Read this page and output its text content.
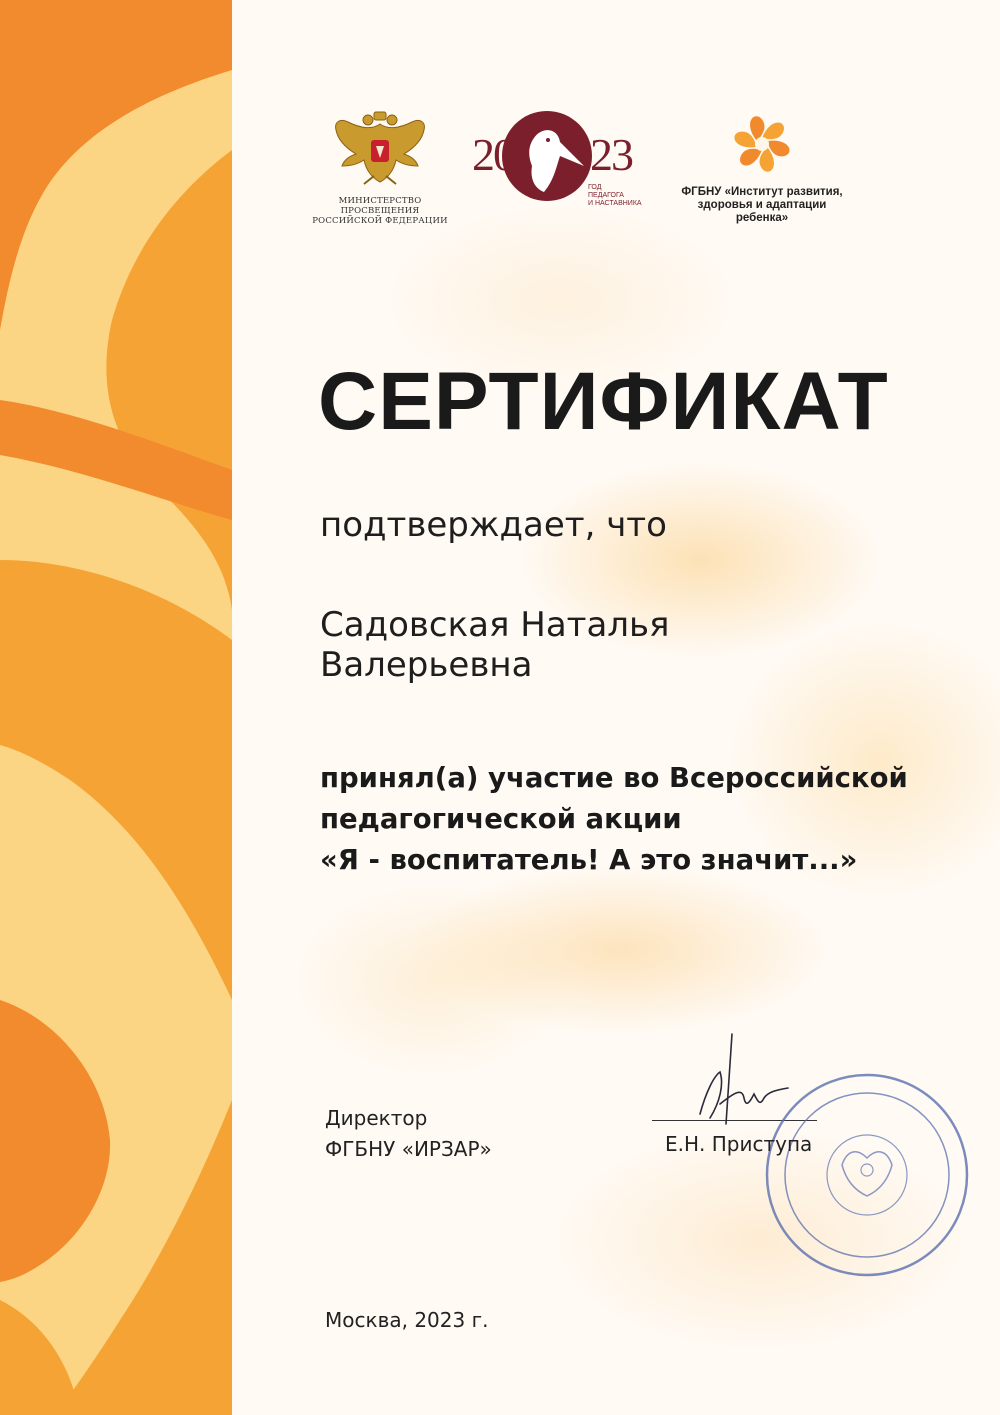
МИНИСТЕРСТВО ПРОСВЕЩЕНИЯ
РОССИЙСКОЙ ФЕДЕРАЦИИ
20 23
ГОД
ПЕДАГОГА
И НАСТАВНИКА
ФГБНУ «Институт развития,
здоровья и адаптации
ребенка»
СЕРТИФИКАТ
подтверждает, что
Садовская Наталья
Валерьевна
принял(а) участие во Всероссийской
педагогической акции
«Я - воспитатель! А это значит...»
Директор
ФГБНУ «ИРЗАР»	Е.Н. Приступа
Москва, 2023 г.
